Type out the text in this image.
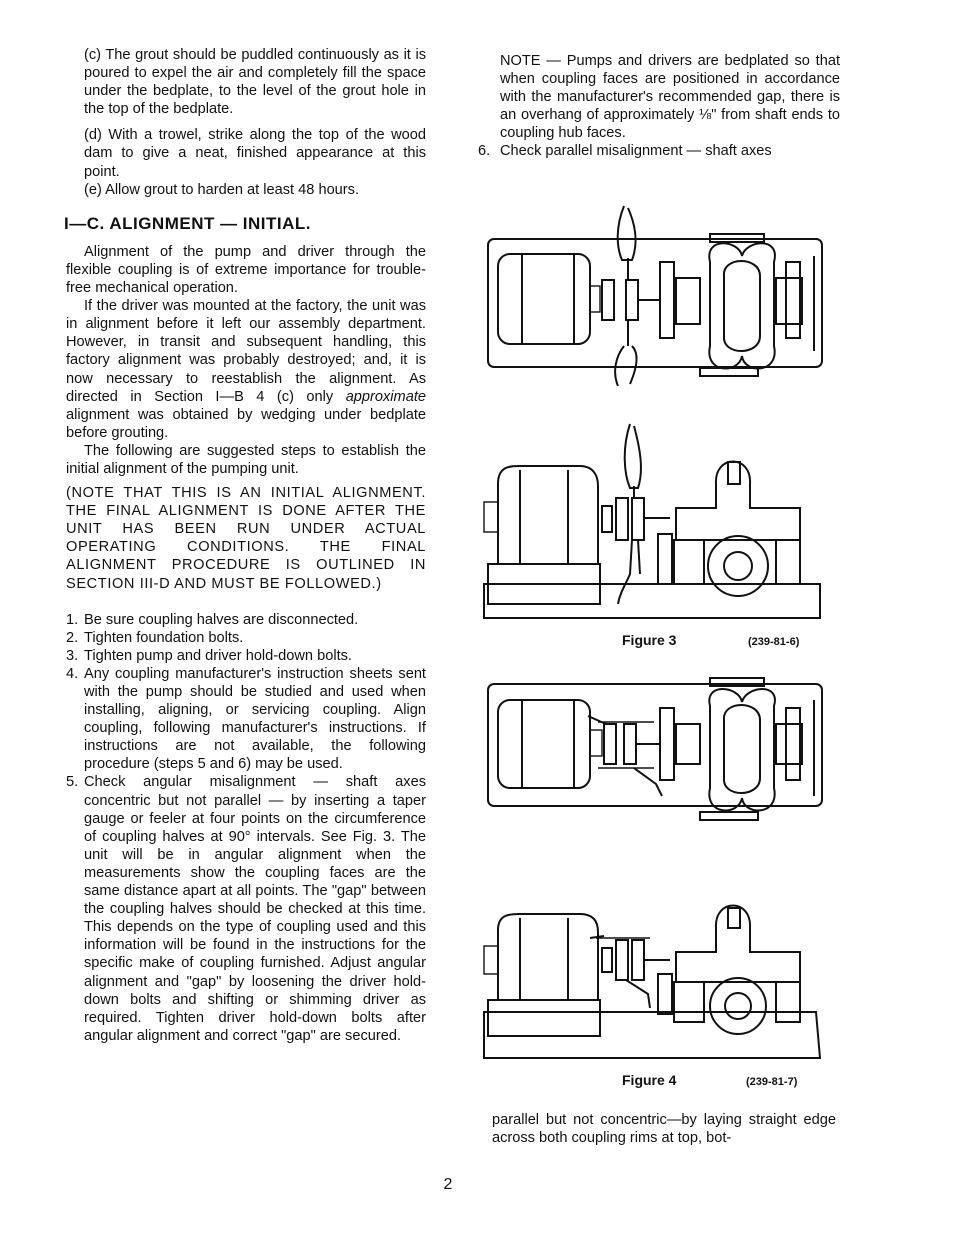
(c) The grout should be puddled continuously as it is poured to expel the air and completely fill the space under the bedplate, to the level of the grout hole in the top of the bedplate.

(d) With a trowel, strike along the top of the wood dam to give a neat, finished appearance at this point.

(e) Allow grout to harden at least 48 hours.

I—C. ALIGNMENT — INITIAL.

Alignment of the pump and driver through the flexible coupling is of extreme importance for trouble-free mechanical operation.

If the driver was mounted at the factory, the unit was in alignment before it left our assembly department. However, in transit and subsequent handling, this factory alignment was probably destroyed; and, it is now necessary to reestablish the alignment. As directed in Section I—B 4 (c) only approximate alignment was obtained by wedging under bedplate before grouting.

The following are suggested steps to establish the initial alignment of the pumping unit.

(NOTE THAT THIS IS AN INITIAL ALIGNMENT. THE FINAL ALIGNMENT IS DONE AFTER THE UNIT HAS BEEN RUN UNDER ACTUAL OPERATING CONDITIONS. THE FINAL ALIGNMENT PROCEDURE IS OUTLINED IN SECTION III-D AND MUST BE FOLLOWED.)

1. Be sure coupling halves are disconnected.

2. Tighten foundation bolts.

3. Tighten pump and driver hold-down bolts.

4. Any coupling manufacturer's instruction sheets sent with the pump should be studied and used when installing, aligning, or servicing coupling. Align coupling, following manufacturer's instructions. If instructions are not available, the following procedure (steps 5 and 6) may be used.

5. Check angular misalignment — shaft axes concentric but not parallel — by inserting a taper gauge or feeler at four points on the circumference of coupling halves at 90° intervals. See Fig. 3. The unit will be in angular alignment when the measurements show the coupling faces are the same distance apart at all points. The "gap" between the coupling halves should be checked at this time. This depends on the type of coupling used and this information will be found in the instructions for the specific make of coupling furnished. Adjust angular alignment and "gap" by loosening the driver hold-down bolts and shifting or shimming driver as required. Tighten driver hold-down bolts after angular alignment and correct "gap" are secured.

NOTE — Pumps and drivers are bedplated so that when coupling faces are positioned in accordance with the manufacturer's recommended gap, there is an overhang of approximately ⅛" from shaft ends to coupling hub faces.

6. Check parallel misalignment — shaft axes

Figure 3	(239-81-6)
Figure 4	(239-81-7)

parallel but not concentric—by laying straight edge across both coupling rims at top, bot-

2
